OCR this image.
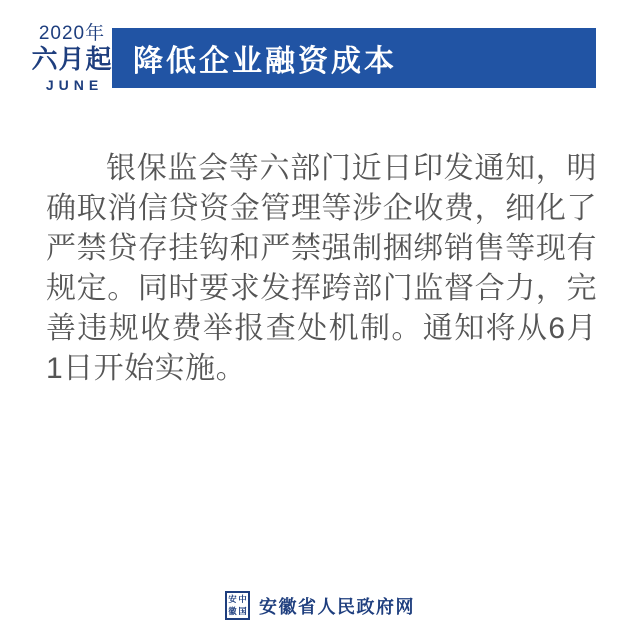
2020年
六月起
JUNE
降低企业融资成本

银保监会等六部门近日印发通知，明确取消信贷资金管理等涉企收费，细化了严禁贷存挂钩和严禁强制捆绑销售等现有规定。同时要求发挥跨部门监督合力，完善违规收费举报查处机制。通知将从6月1日开始实施。

安 中
徽 国 安徽省人民政府网
